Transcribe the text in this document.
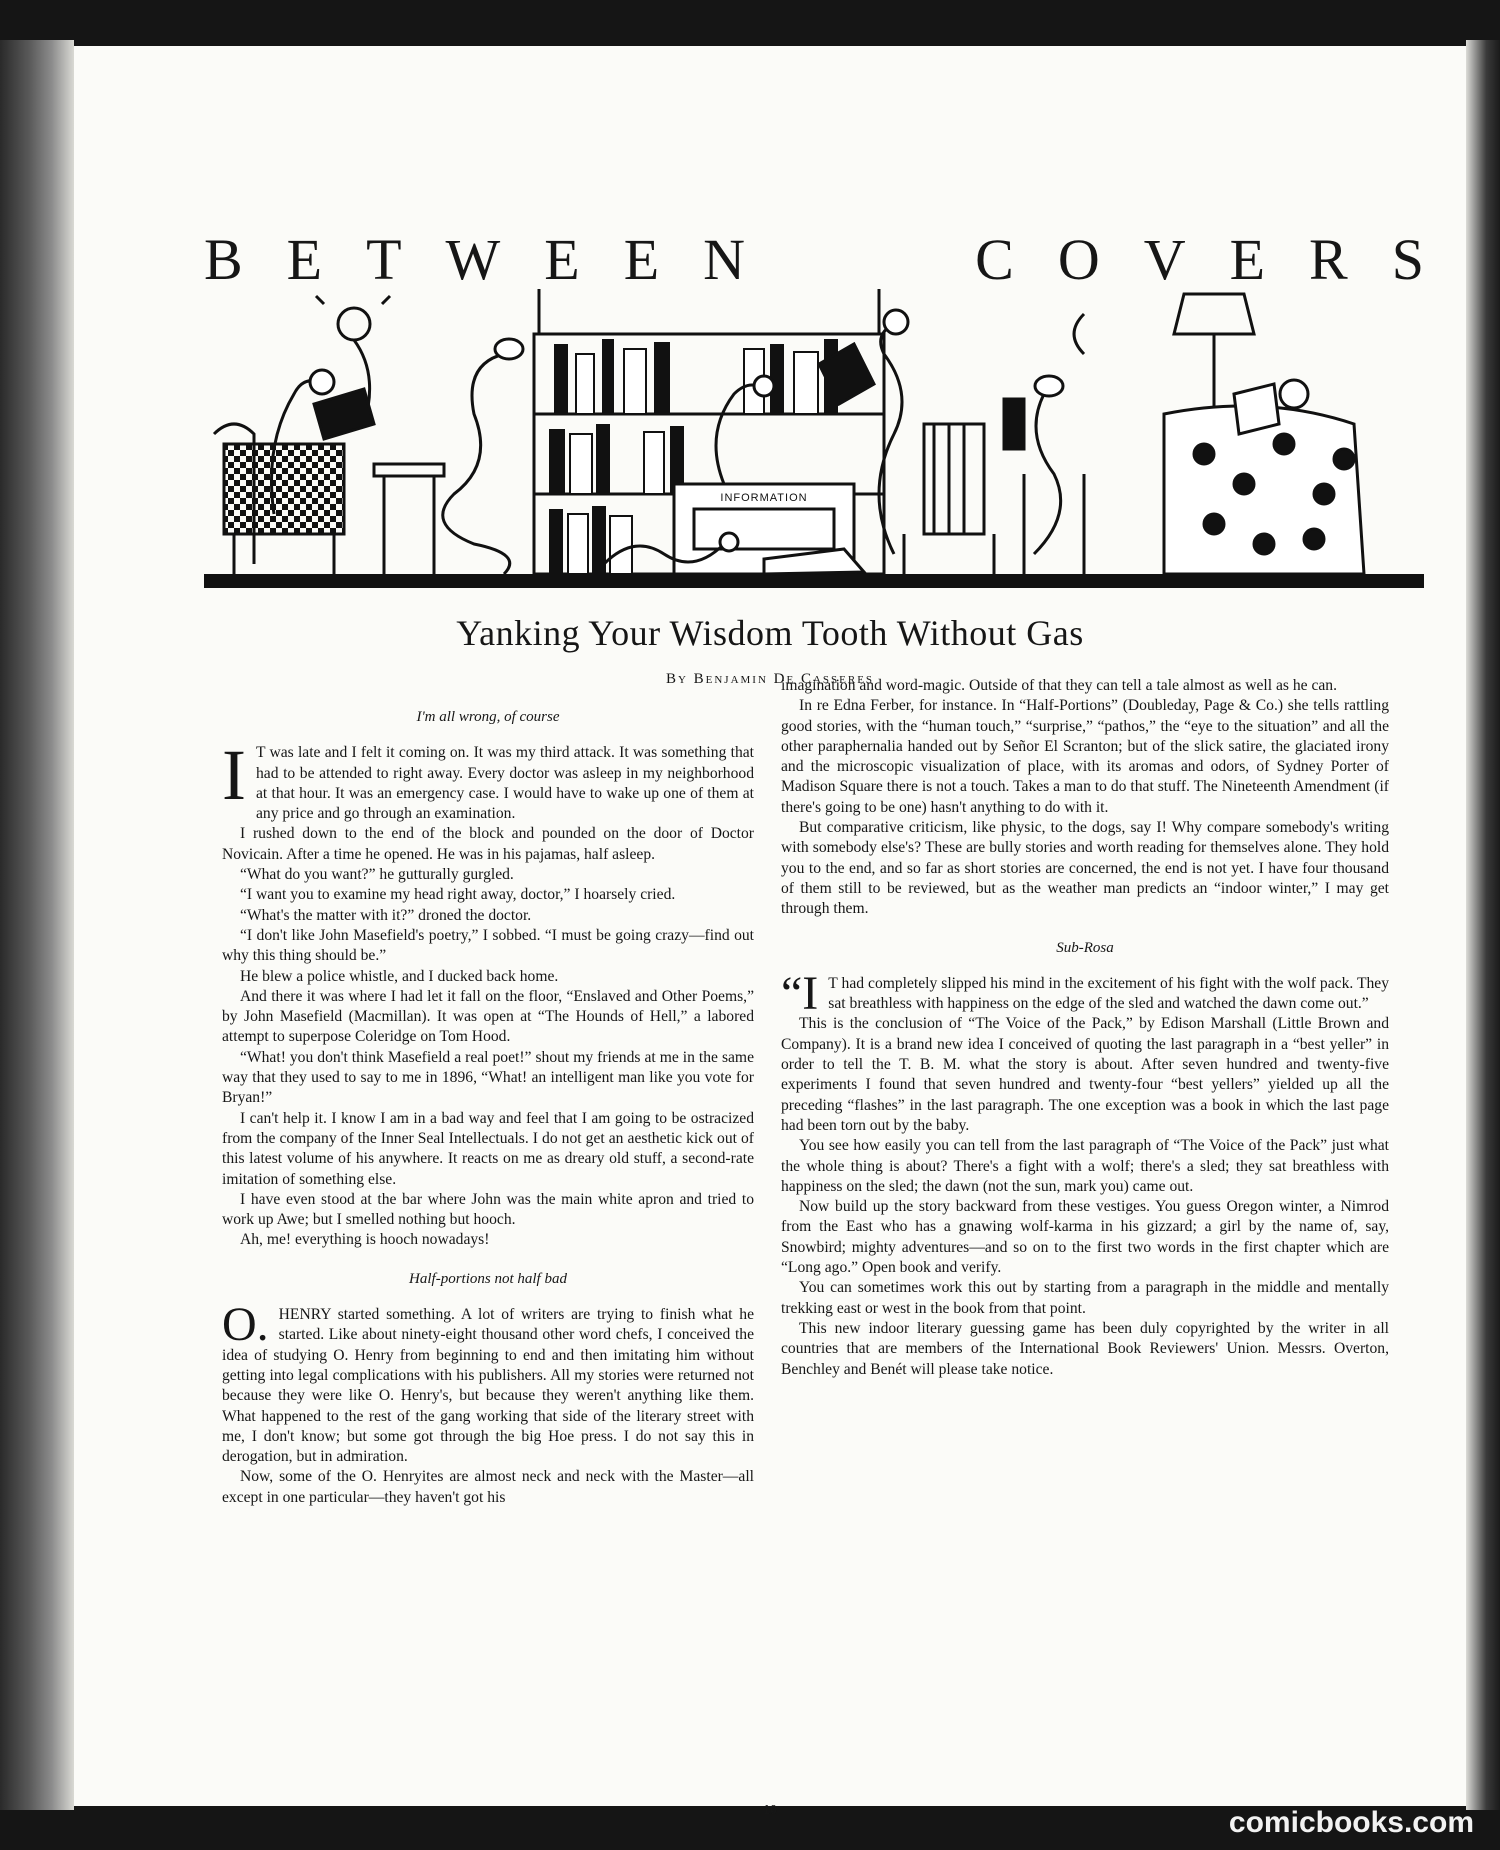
BETWEEN	COVERS
INFORMATION
Yanking Your Wisdom Tooth Without Gas
By Benjamin De Casseres
I'm all wrong, of course

I T was late and I felt it coming on. It was my third attack. It was something that had to be attended to right away. Every doctor was asleep in my neighborhood at that hour. It was an emergency case. I would have to wake up one of them at any price and go through an examination.

I rushed down to the end of the block and pounded on the door of Doctor Novicain. After a time he opened. He was in his pajamas, half asleep.

“What do you want?” he gutturally gurgled.

“I want you to examine my head right away, doctor,” I hoarsely cried.

“What's the matter with it?” droned the doctor.

“I don't like John Masefield's poetry,” I sobbed. “I must be going crazy—find out why this thing should be.”

He blew a police whistle, and I ducked back home.

And there it was where I had let it fall on the floor, “Enslaved and Other Poems,” by John Masefield (Macmillan). It was open at “The Hounds of Hell,” a labored attempt to superpose Coleridge on Tom Hood.

“What! you don't think Masefield a real poet!” shout my friends at me in the same way that they used to say to me in 1896, “What! an intelligent man like you vote for Bryan!”

I can't help it. I know I am in a bad way and feel that I am going to be ostracized from the company of the Inner Seal Intellectuals. I do not get an aesthetic kick out of this latest volume of his anywhere. It reacts on me as dreary old stuff, a second-rate imitation of something else.

I have even stood at the bar where John was the main white apron and tried to work up Awe; but I smelled nothing but hooch.

Ah, me! everything is hooch nowadays!

Half-portions not half bad

O. HENRY started something. A lot of writers are trying to finish what he started. Like about ninety-eight thousand other word chefs, I conceived the idea of studying O. Henry from beginning to end and then imitating him without getting into legal complications with his publishers. All my stories were returned not because they were like O. Henry's, but because they weren't anything like them. What happened to the rest of the gang working that side of the literary street with me, I don't know; but some got through the big Hoe press. I do not say this in derogation, but in admiration.

Now, some of the O. Henryites are almost neck and neck with the Master—all except in one particular—they haven't got his

imagination and word-magic. Outside of that they can tell a tale almost as well as he can.

In re Edna Ferber, for instance. In “Half-Portions” (Doubleday, Page & Co.) she tells rattling good stories, with the “human touch,” “surprise,” “pathos,” the “eye to the situation” and all the other paraphernalia handed out by Señor El Scranton; but of the slick satire, the glaciated irony and the microscopic visualization of place, with its aromas and odors, of Sydney Porter of Madison Square there is not a touch. Takes a man to do that stuff. The Nineteenth Amendment (if there's going to be one) hasn't anything to do with it.

But comparative criticism, like physic, to the dogs, say I! Why compare somebody's writing with somebody else's? These are bully stories and worth reading for themselves alone. They hold you to the end, and so far as short stories are concerned, the end is not yet. I have four thousand of them still to be reviewed, but as the weather man predicts an “indoor winter,” I may get through them.

Sub-Rosa

“I T had completely slipped his mind in the excitement of his fight with the wolf pack. They sat breathless with happiness on the edge of the sled and watched the dawn come out.”

This is the conclusion of “The Voice of the Pack,” by Edison Marshall (Little Brown and Company). It is a brand new idea I conceived of quoting the last paragraph in a “best yeller” in order to tell the T. B. M. what the story is about. After seven hundred and twenty-five experiments I found that seven hundred and twenty-four “best yellers” yielded up all the preceding “flashes” in the last paragraph. The one exception was a book in which the last page had been torn out by the baby.

You see how easily you can tell from the last paragraph of “The Voice of the Pack” just what the whole thing is about? There's a fight with a wolf; there's a sled; they sat breathless with happiness on the sled; the dawn (not the sun, mark you) came out.

Now build up the story backward from these vestiges. You guess Oregon winter, a Nimrod from the East who has a gnawing wolf-karma in his gizzard; a girl by the name of, say, Snowbird; mighty adventures—and so on to the first two words in the first chapter which are “Long ago.” Open book and verify.

You can sometimes work this out by starting from a paragraph in the middle and mentally trekking east or west in the book from that point.

This new indoor literary guessing game has been duly copyrighted by the writer in all countries that are members of the International Book Reviewers' Union. Messrs. Overton, Benchley and Benét will please take notice.

10	comicbooks.com
